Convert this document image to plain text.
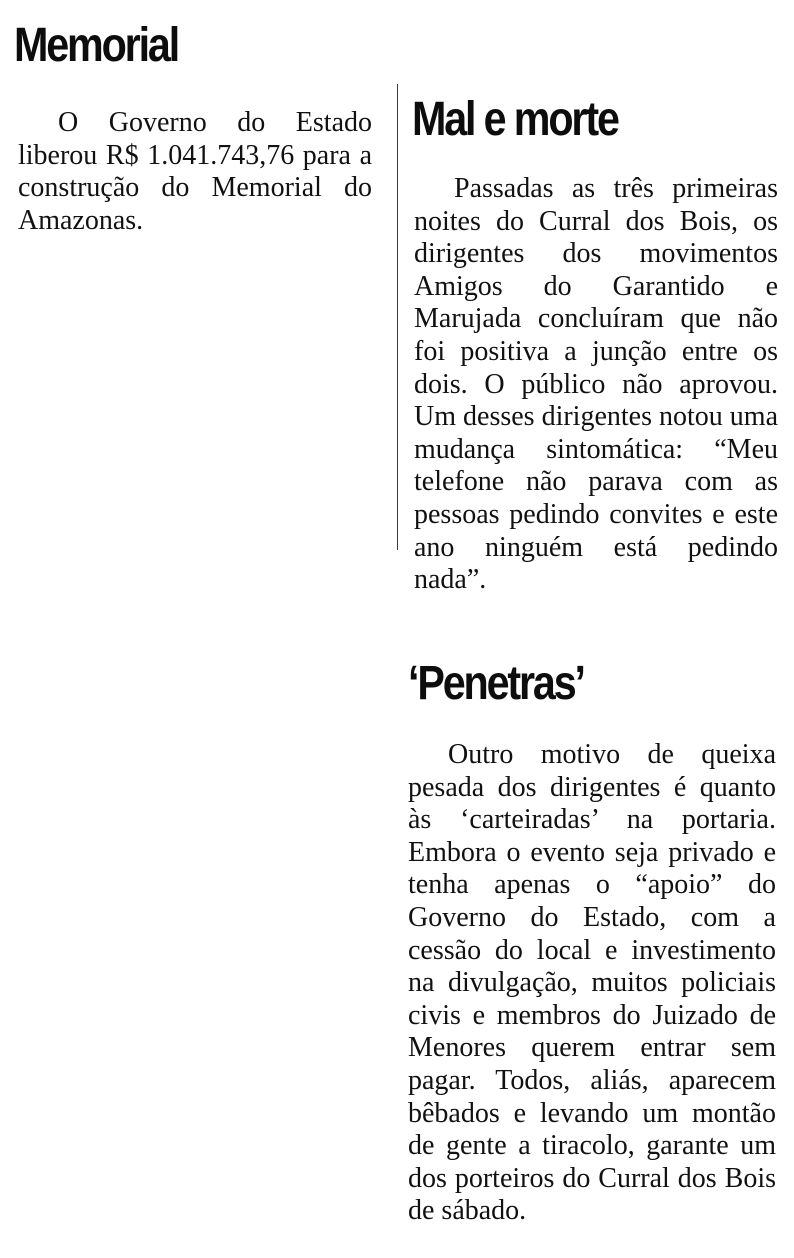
Memorial

O Governo do Estado liberou R$ 1.041.743,76 para a construção do Memorial do Amazonas.

Mal e morte

Passadas as três primeiras noites do Curral dos Bois, os dirigentes dos movimentos Amigos do Garantido e Marujada concluíram que não foi positiva a junção entre os dois. O público não aprovou. Um desses dirigentes notou uma mudança sintomática: “Meu telefone não parava com as pessoas pedindo convites e este ano ninguém está pedindo nada”.

‘Penetras’

Outro motivo de queixa pesada dos dirigentes é quanto às ‘carteiradas’ na portaria. Embora o evento seja privado e tenha apenas o “apoio” do Governo do Estado, com a cessão do local e investimento na divulgação, muitos policiais civis e membros do Juizado de Menores querem entrar sem pagar. Todos, aliás, aparecem bêbados e levando um montão de gente a tiracolo, garante um dos porteiros do Curral dos Bois de sábado.
